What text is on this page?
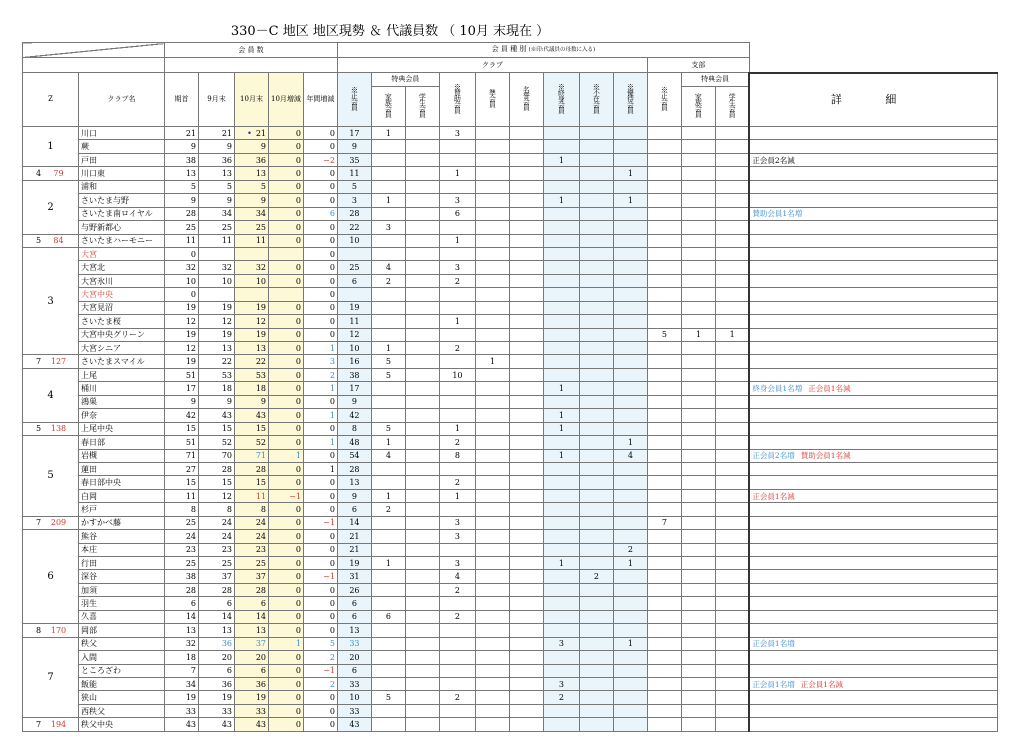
330－C 地区 地区現勢 ＆ 代議員数 （ 10月 末現在 ）
		会 員 数					会 員 種 別 (※印:代議員の母数に入る)												
							クラブ									支部			
Z	クラブ名	期首	9月末	10月末	10月増減	年間増減	※正会員	特典会員		※賛助会員	準会員	名誉会員	※終身会員	※不在会員	※優待会員	※正会員	特典会員		詳 細
								家族会員	学生会員								家族会員	学生会員	
1	川口	21	21	• 21	0	0	17	1		3									
	蕨	9	9	9	0	0	9												
	戸田	38	36	36	0	−2	35						1						正会員2名減
4 79	川口東	13	13	13	0	0	11			1					1				
2	浦和	5	5	5	0	0	5												
	さいたま与野	9	9	9	0	0	3	1		3			1		1				
	さいたま南ロイヤル	28	34	34	0	6	28			6									賛助会員1名増
	与野新都心	25	25	25	0	0	22	3											
5 84	さいたまハーモニー	11	11	11	0	0	10			1									
3	大宮	0				0													
	大宮北	32	32	32	0	0	25	4		3									
	大宮氷川	10	10	10	0	0	6	2		2									
	大宮中央	0				0													
	大宮見沼	19	19	19	0	0	19												
	さいたま桜	12	12	12	0	0	11			1									
	大宮中央グリーン	19	19	19	0	0	12									5	1	1	
	大宮シニア	12	13	13	0	1	10	1		2									
7 127	さいたまスマイル	19	22	22	0	3	16	5			1								
4	上尾	51	53	53	0	2	38	5		10									
	桶川	17	18	18	0	1	17						1						終身会員1名増 正会員1名減
	鴻巣	9	9	9	0	0	9												
	伊奈	42	43	43	0	1	42						1						
5 138	上尾中央	15	15	15	0	0	8	5		1			1						
5	春日部	51	52	52	0	1	48	1		2					1				
	岩槻	71	70	71	1	0	54	4		8			1		4				正会員2名増 賛助会員1名減
	蓮田	27	28	28	0	1	28												
	春日部中央	15	15	15	0	0	13			2									
	白岡	11	12	11	−1	0	9	1		1									正会員1名減
	杉戸	8	8	8	0	0	6	2											
7 209	かすかべ藤	25	24	24	0	−1	14			3						7			
6	熊谷	24	24	24	0	0	21			3									
	本庄	23	23	23	0	0	21								2				
	行田	25	25	25	0	0	19	1		3			1		1				
	深谷	38	37	37	0	−1	31			4				2					
	加須	28	28	28	0	0	26			2									
	羽生	6	6	6	0	0	6												
	久喜	14	14	14	0	0	6	6		2									
8 170	岡部	13	13	13	0	0	13												
7	秩父	32	36	37	1	5	33						3		1				正会員1名増
	入間	18	20	20	0	2	20												
	ところざわ	7	6	6	0	−1	6												
	飯能	34	36	36	0	2	33						3						正会員1名増 正会員1名減
	狭山	19	19	19	0	0	10	5		2			2						
	西秩父	33	33	33	0	0	33												
7 194	秩父中央	43	43	43	0	0	43												
